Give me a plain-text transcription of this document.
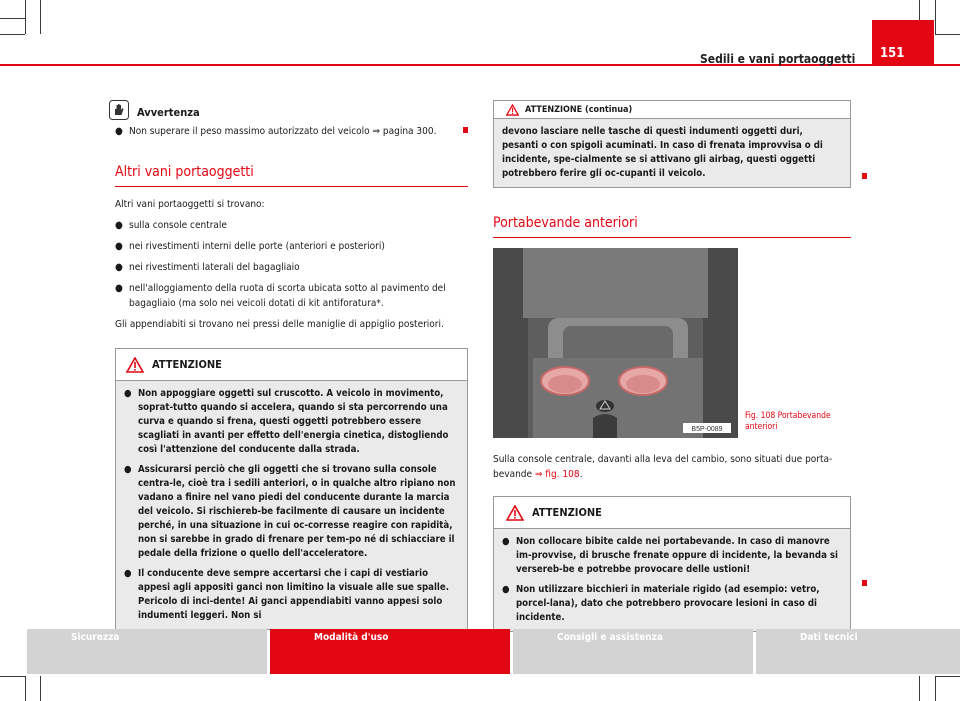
Sedili e vani portaoggetti	151
Avvertenza
● Non superare il peso massimo autorizzato del veicolo ⇒ pagina 300.
Altri vani portaoggetti

Altri vani portaoggetti si trovano:

● sulla console centrale
● nei rivestimenti interni delle porte (anteriori e posteriori)
● nei rivestimenti laterali del bagagliaio
● nell'alloggiamento della ruota di scorta ubicata sotto al pavimento del bagagliaio (ma solo nei veicoli dotati di kit antiforatura*.

Gli appendiabiti si trovano nei pressi delle maniglie di appiglio posteriori.

ATTENZIONE
● Non appoggiare oggetti sul cruscotto. A veicolo in movimento, soprat-tutto quando si accelera, quando si sta percorrendo una curva e quando si frena, questi oggetti potrebbero essere scagliati in avanti per effetto dell'energia cinetica, distogliendo così l'attenzione del conducente dalla strada.
● Assicurarsi perciò che gli oggetti che si trovano sulla console centra-le, cioè tra i sedili anteriori, o in qualche altro ripiano non vadano a finire nel vano piedi del conducente durante la marcia del veicolo. Si rischiereb-be facilmente di causare un incidente perché, in una situazione in cui oc-corresse reagire con rapidità, non si sarebbe in grado di frenare per tem-po né di schiacciare il pedale della frizione o quello dell'acceleratore.
● Il conducente deve sempre accertarsi che i capi di vestiario appesi agli appositi ganci non limitino la visuale alle sue spalle. Pericolo di inci-dente! Ai ganci appendiabiti vanno appesi solo indumenti leggeri. Non si
ATTENZIONE (continua)
devono lasciare nelle tasche di questi indumenti oggetti duri, pesanti o con spigoli acuminati. In caso di frenata improvvisa o di incidente, spe-cialmente se si attivano gli airbag, questi oggetti potrebbero ferire gli oc-cupanti il veicolo.
Portabevande anteriori
B5P-0089
Fig. 108 Portabevande anteriori

Sulla console centrale, davanti alla leva del cambio, sono situati due porta-bevande ⇒ fig. 108.

ATTENZIONE
● Non collocare bibite calde nei portabevande. In caso di manovre im-provvise, di brusche frenate oppure di incidente, la bevanda si versereb-be e potrebbe provocare delle ustioni!
● Non utilizzare bicchieri in materiale rigido (ad esempio: vetro, porcel-lana), dato che potrebbero provocare lesioni in caso di incidente.
Sicurezza	Modalità d'uso	Consigli e assistenza	Dati tecnici
